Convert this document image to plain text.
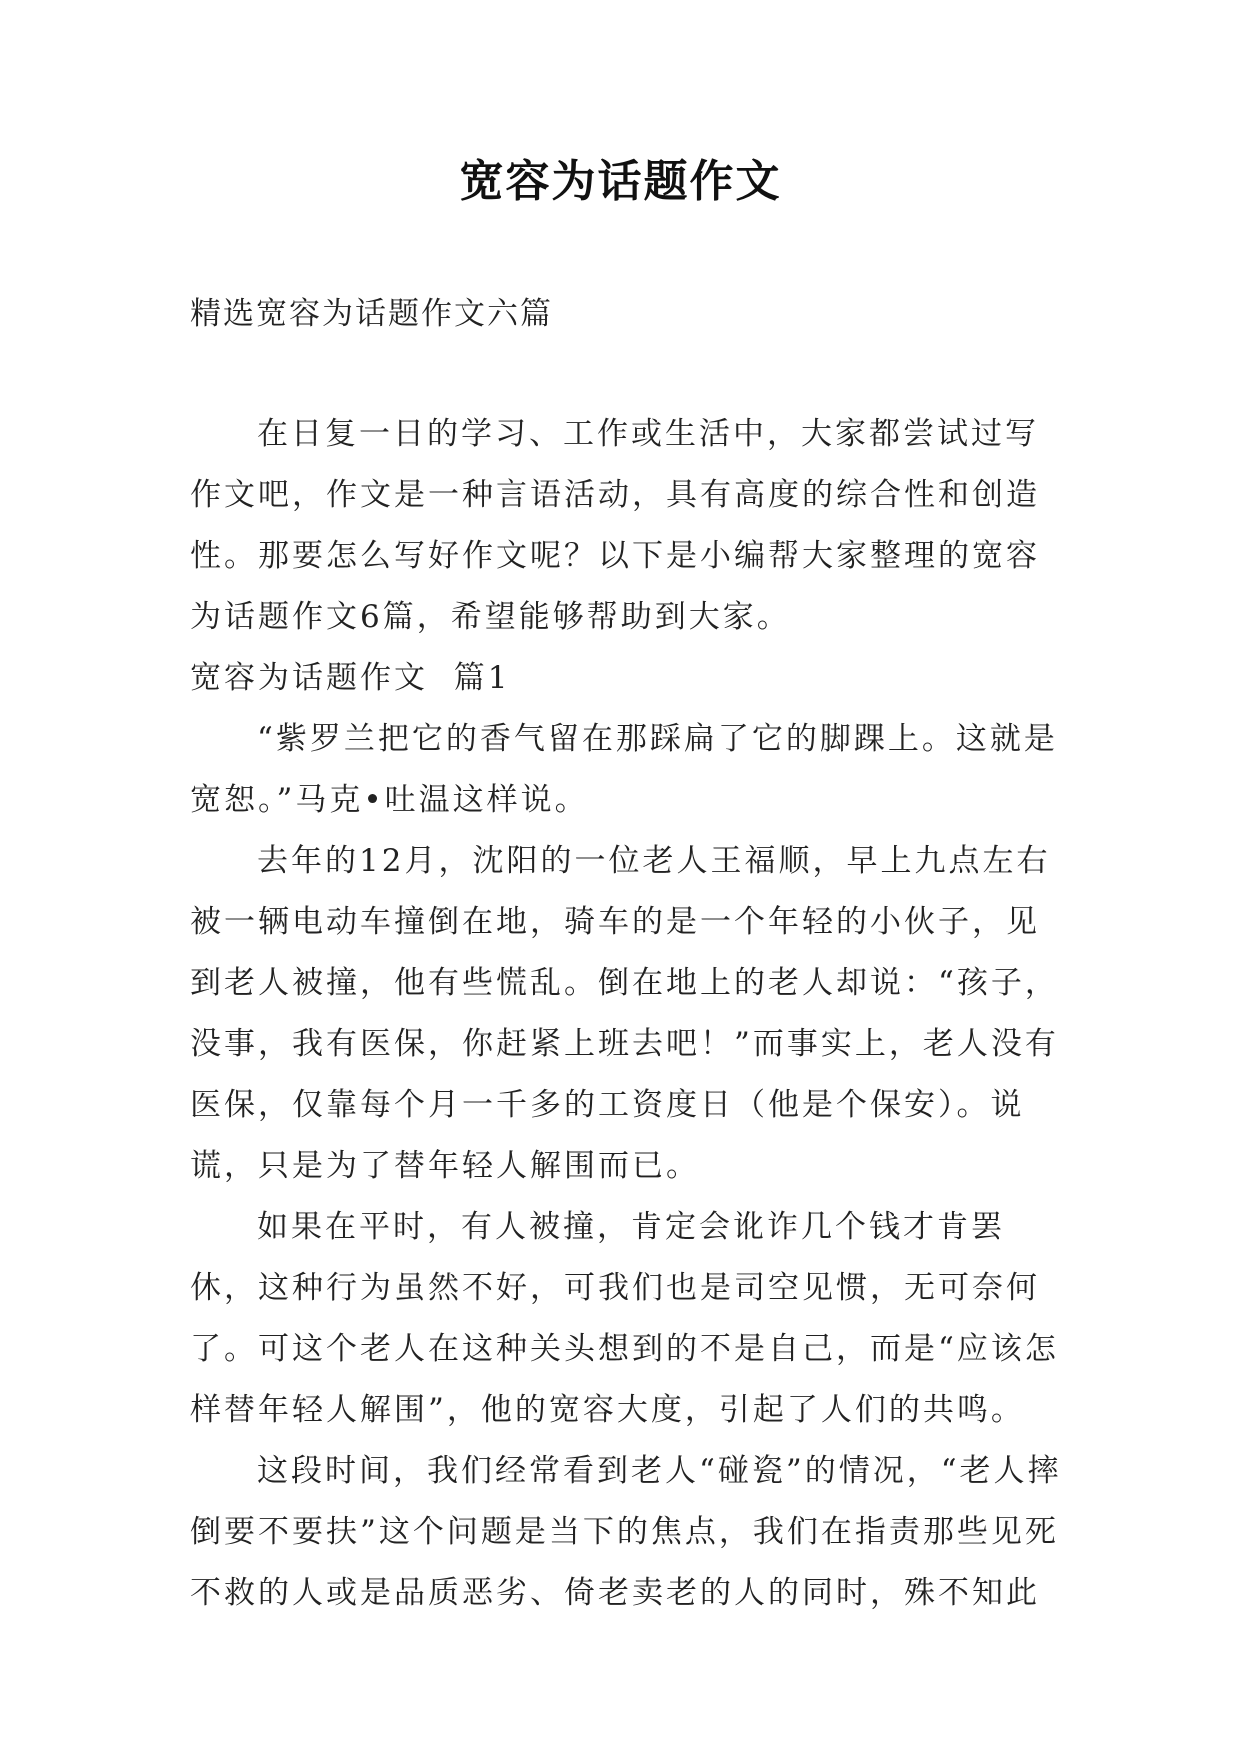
宽容为话题作文
精选宽容为话题作文六篇

在日复一日的学习、工作或生活中，大家都尝试过写作文吧，作文是一种言语活动，具有高度的综合性和创造性。那要怎么写好作文呢？以下是小编帮大家整理的宽容为话题作文6篇，希望能够帮助到大家。

宽容为话题作文  篇1

“紫罗兰把它的香气留在那踩扁了它的脚踝上。这就是宽恕。”马克•吐温这样说。

去年的12月，沈阳的一位老人王福顺，早上九点左右被一辆电动车撞倒在地，骑车的是一个年轻的小伙子，见到老人被撞，他有些慌乱。倒在地上的老人却说：“孩子，没事，我有医保，你赶紧上班去吧！”而事实上，老人没有医保，仅靠每个月一千多的工资度日（他是个保安）。说谎，只是为了替年轻人解围而已。

如果在平时，有人被撞，肯定会讹诈几个钱才肯罢休，这种行为虽然不好，可我们也是司空见惯，无可奈何了。可这个老人在这种关头想到的不是自己，而是“应该怎样替年轻人解围”，他的宽容大度，引起了人们的共鸣。

这段时间，我们经常看到老人“碰瓷”的情况，“老人摔倒要不要扶”这个问题是当下的焦点，我们在指责那些见死不救的人或是品质恶劣、倚老卖老的人的同时，殊不知此
